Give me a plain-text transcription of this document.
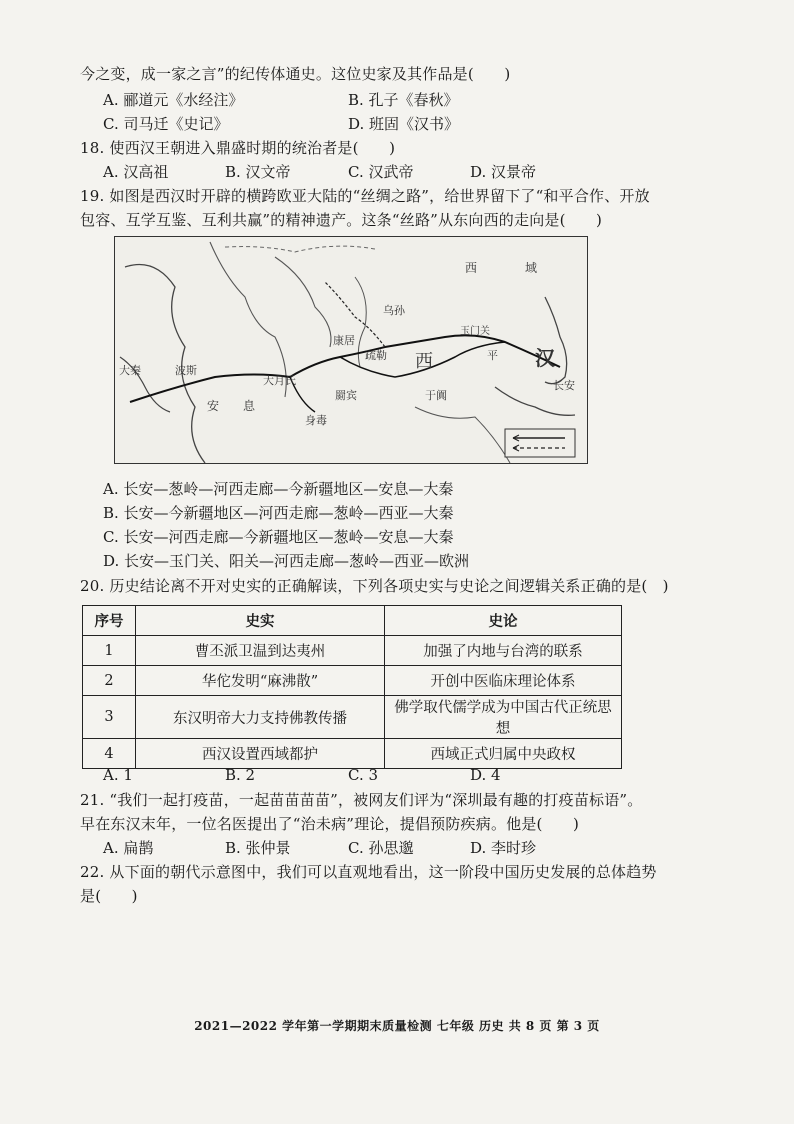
今之变，成一家之言”的纪传体通史。这位史家及其作品是(　　)
A. 郦道元《水经注》	B. 孔子《春秋》
C. 司马迁《史记》	D. 班固《汉书》
18. 使西汉王朝进入鼎盛时期的统治者是(　　)
A. 汉高祖	B. 汉文帝	C. 汉武帝	D. 汉景帝
19. 如图是西汉时开辟的横跨欧亚大陆的“丝绸之路”，给世界留下了“和平合作、开放
包容、互学互鉴、互利共赢”的精神遗产。这条“丝路”从东向西的走向是(　　)
西　　　　域
汉
长安
安　　息
大月氏
玉门关
大秦
康居
于阗
乌孙
西
疏勒
身毒
罽宾
波斯
平
A. 长安—葱岭—河西走廊—今新疆地区—安息—大秦
B. 长安—今新疆地区—河西走廊—葱岭—西亚—大秦
C. 长安—河西走廊—今新疆地区—葱岭—安息—大秦
D. 长安—玉门关、阳关—河西走廊—葱岭—西亚—欧洲
20. 历史结论离不开对史实的正确解读，下列各项史实与史论之间逻辑关系正确的是(　)
序号	史实	史论
1	曹丕派卫温到达夷州	加强了内地与台湾的联系
2	华佗发明“麻沸散”	开创中医临床理论体系
3	东汉明帝大力支持佛教传播	佛学取代儒学成为中国古代正统思想
4	西汉设置西域都护	西域正式归属中央政权
A. 1	B. 2	C. 3	D. 4
21. “我们一起打疫苗，一起苗苗苗苗”，被网友们评为“深圳最有趣的打疫苗标语”。
早在东汉末年，一位名医提出了“治未病”理论，提倡预防疾病。他是(　　)
A. 扁鹊	B. 张仲景	C. 孙思邈	D. 李时珍
22. 从下面的朝代示意图中，我们可以直观地看出，这一阶段中国历史发展的总体趋势
是(　　)
2021—2022 学年第一学期期末质量检测 七年级 历史 共 8 页 第 3 页
